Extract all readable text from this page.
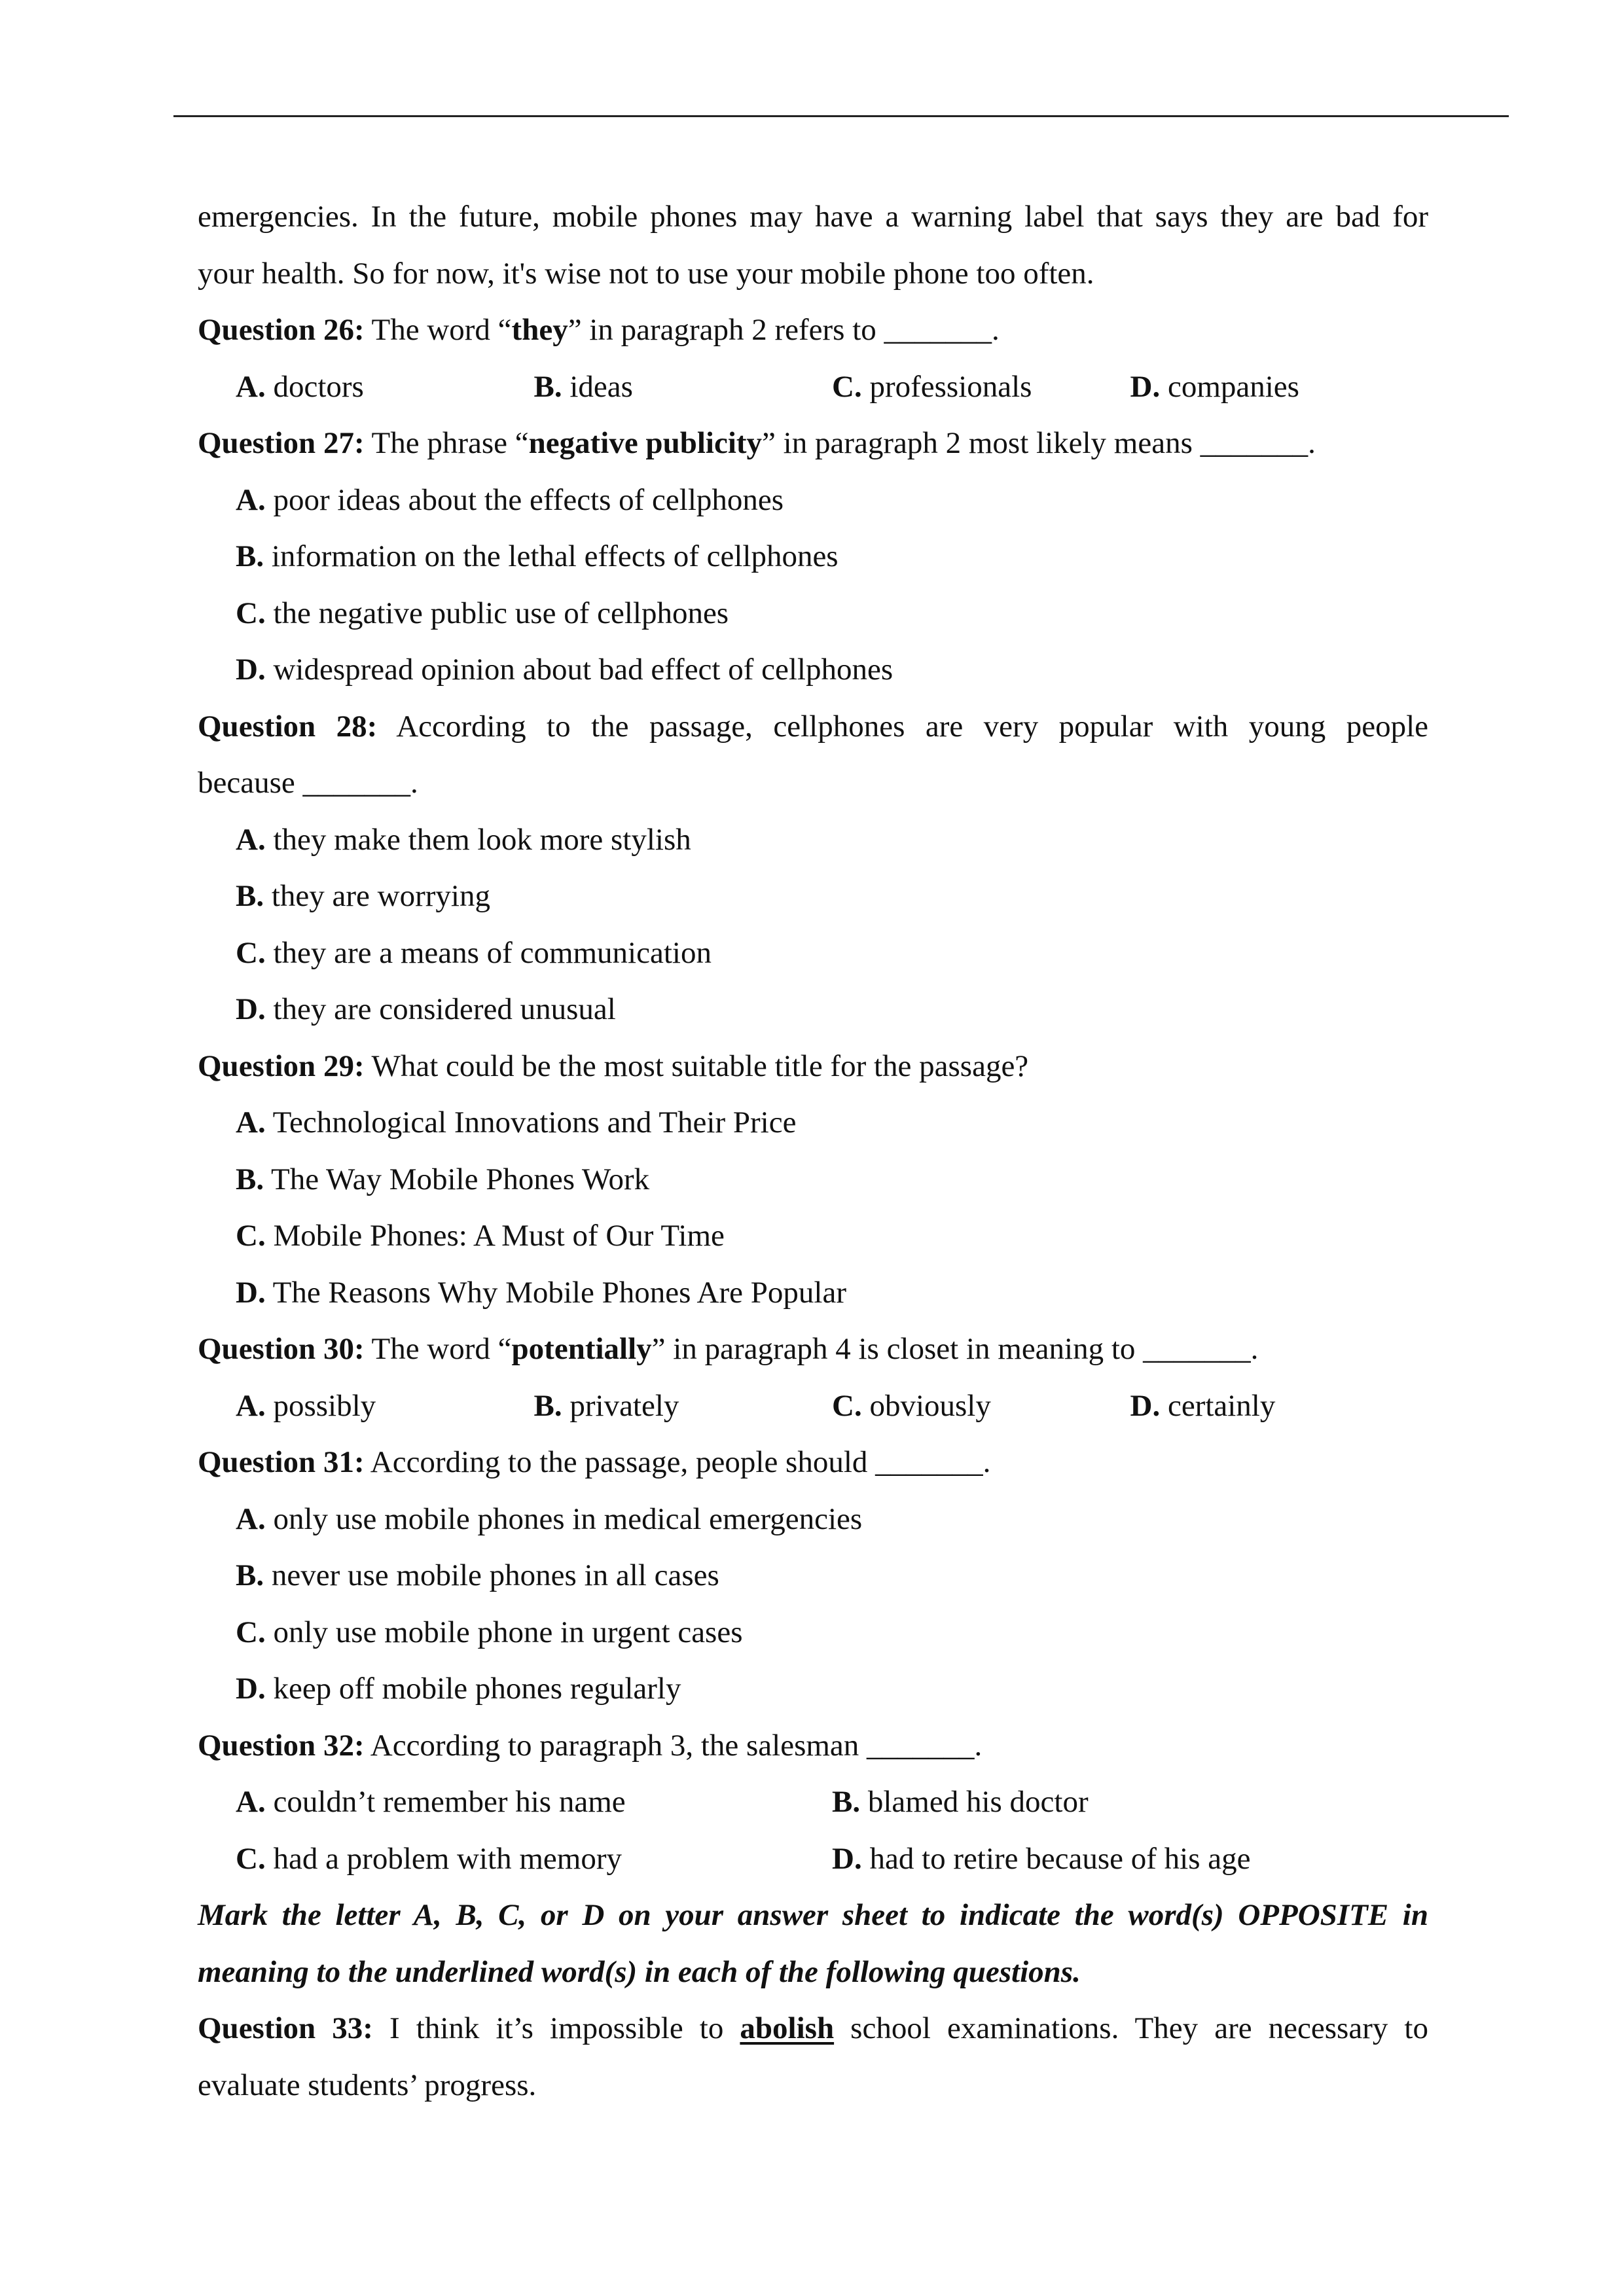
emergencies. In the future, mobile phones may have a warning label that says they are bad for
your health. So for now, it's wise not to use your mobile phone too often.
Question 26: The word “they” in paragraph 2 refers to _______.
A. doctors	B. ideas	C. professionals	D. companies
Question 27: The phrase “negative publicity” in paragraph 2 most likely means _______.
A. poor ideas about the effects of cellphones
B. information on the lethal effects of cellphones
C. the negative public use of cellphones
D. widespread opinion about bad effect of cellphones
Question 28: According to the passage, cellphones are very popular with young people
because _______.
A. they make them look more stylish
B. they are worrying
C. they are a means of communication
D. they are considered unusual
Question 29: What could be the most suitable title for the passage?
A. Technological Innovations and Their Price
B. The Way Mobile Phones Work
C. Mobile Phones: A Must of Our Time
D. The Reasons Why Mobile Phones Are Popular
Question 30: The word “potentially” in paragraph 4 is closet in meaning to _______.
A. possibly	B. privately	C. obviously	D. certainly
Question 31: According to the passage, people should _______.
A. only use mobile phones in medical emergencies
B. never use mobile phones in all cases
C. only use mobile phone in urgent cases
D. keep off mobile phones regularly
Question 32: According to paragraph 3, the salesman _______.
A. couldn’t remember his name	B. blamed his doctor
C. had a problem with memory	D. had to retire because of his age
Mark the letter A, B, C, or D on your answer sheet to indicate the word(s) OPPOSITE in
meaning to the underlined word(s) in each of the following questions.
Question 33: I think it’s impossible to abolish school examinations. They are necessary to
evaluate students’ progress.
